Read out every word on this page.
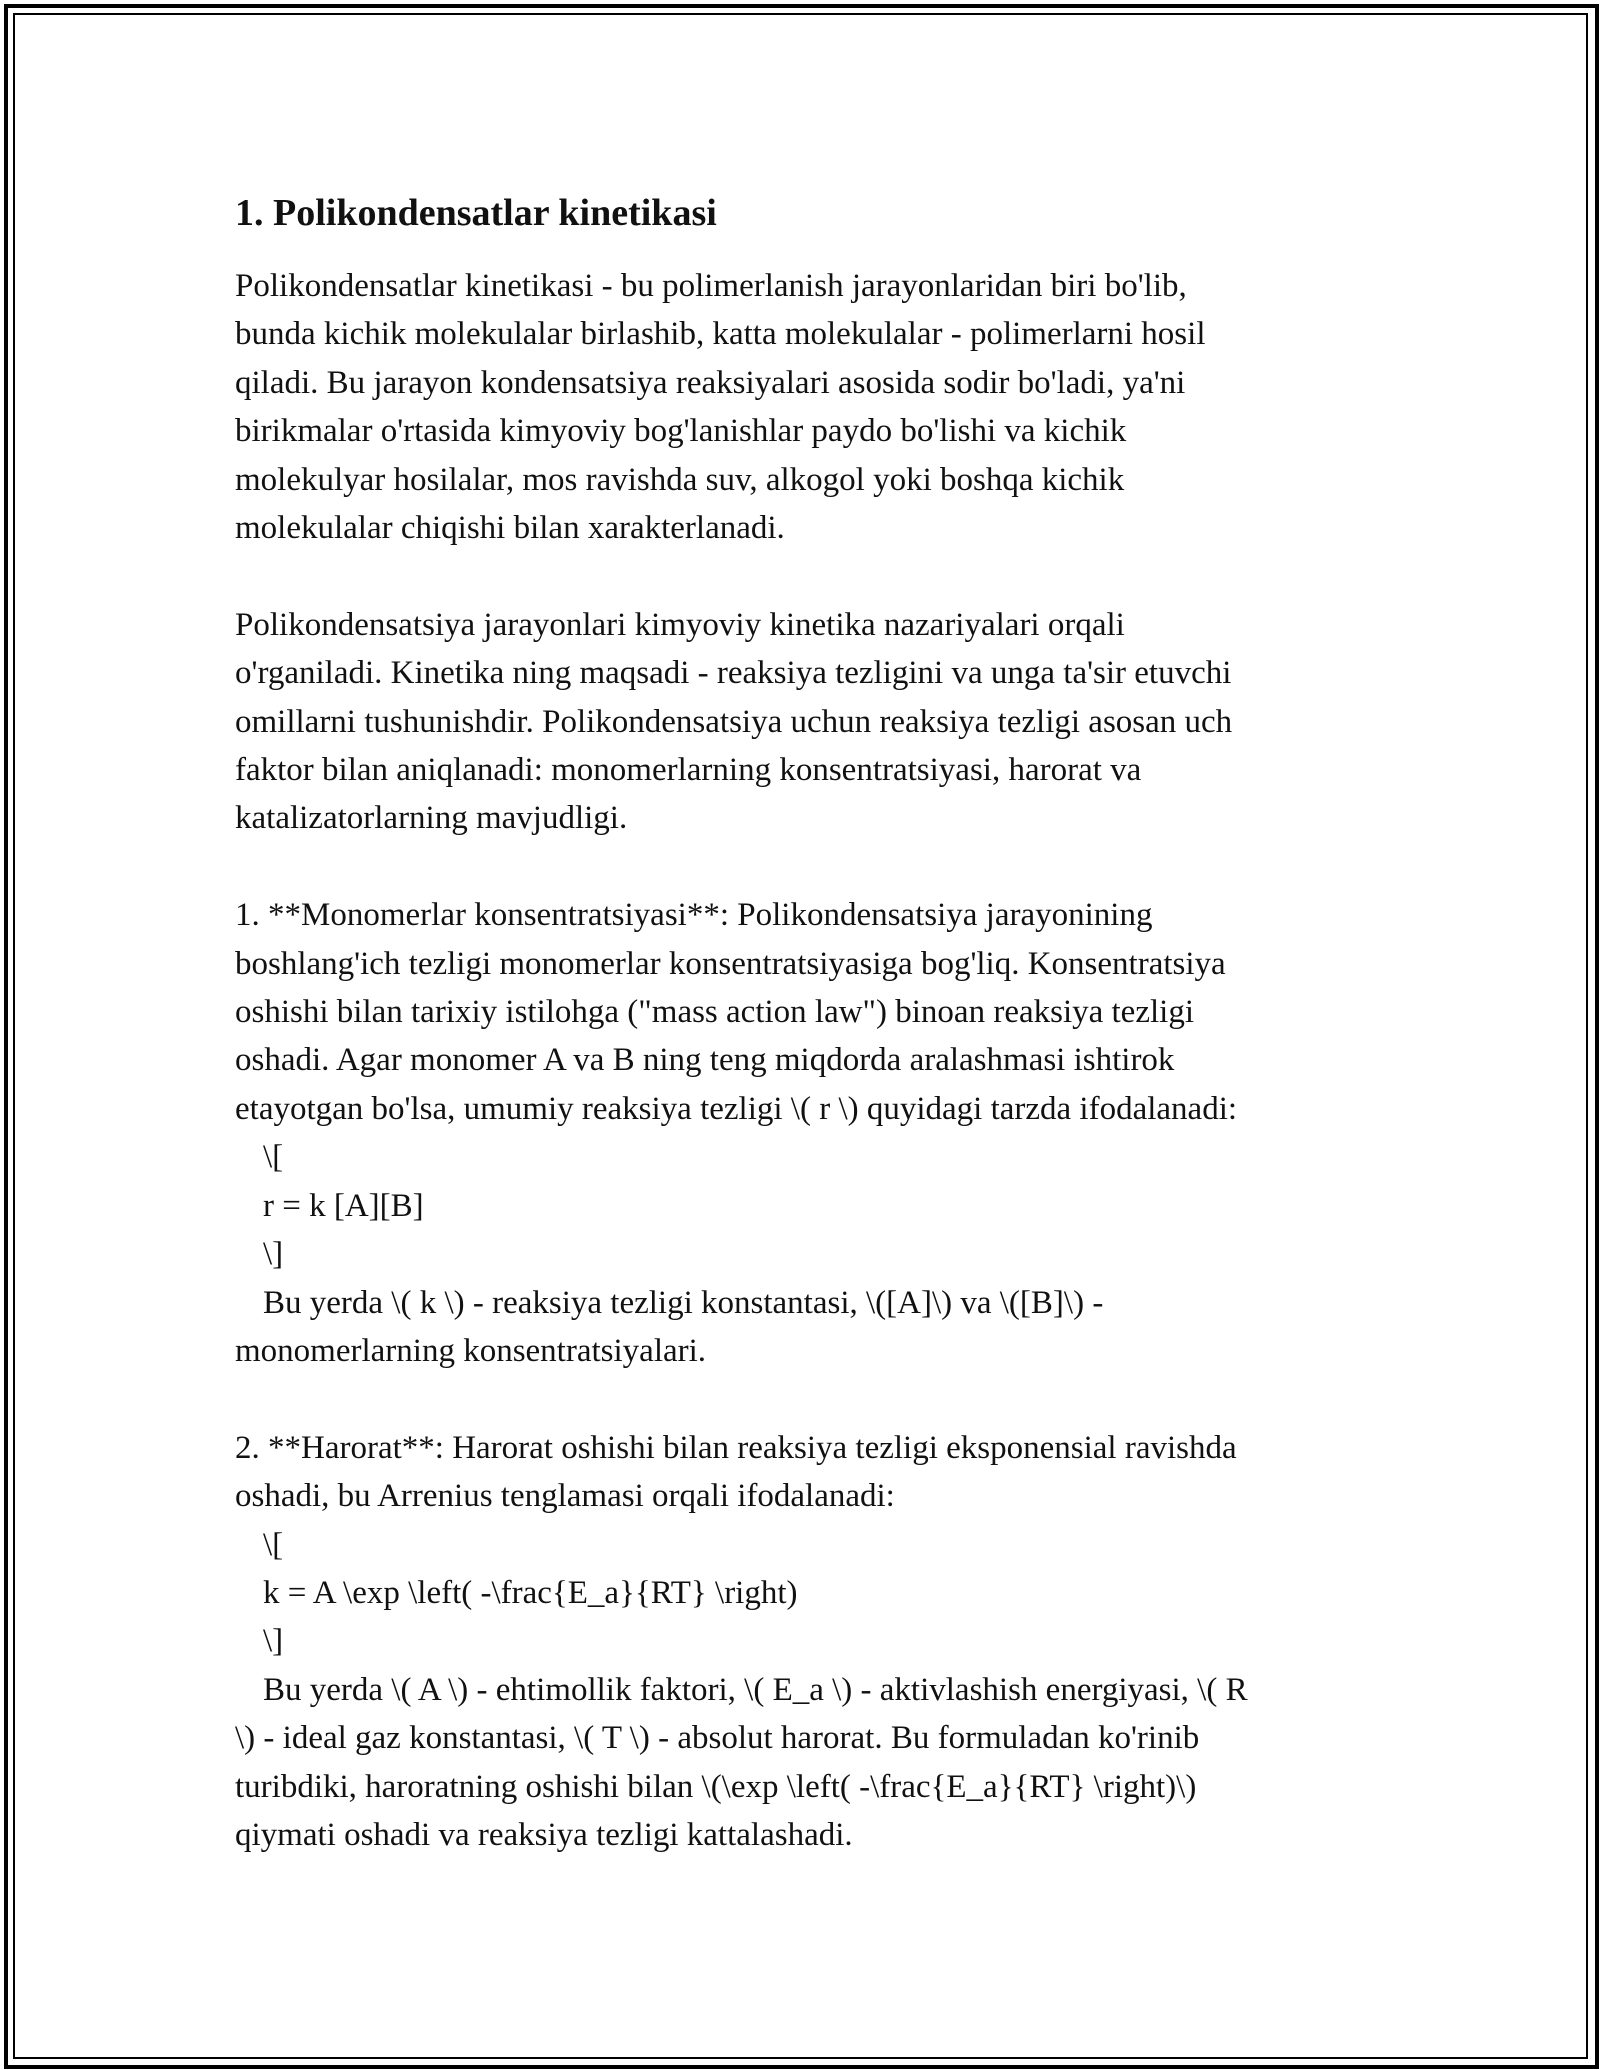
1. Polikondensatlar kinetikasi
Polikondensatlar kinetikasi - bu polimerlanish jarayonlaridan biri bo'lib,
bunda kichik molekulalar birlashib, katta molekulalar - polimerlarni hosil
qiladi. Bu jarayon kondensatsiya reaksiyalari asosida sodir bo'ladi, ya'ni
birikmalar o'rtasida kimyoviy bog'lanishlar paydo bo'lishi va kichik
molekulyar hosilalar, mos ravishda suv, alkogol yoki boshqa kichik
molekulalar chiqishi bilan xarakterlanadi.
Polikondensatsiya jarayonlari kimyoviy kinetika nazariyalari orqali
o'rganiladi. Kinetika ning maqsadi - reaksiya tezligini va unga ta'sir etuvchi
omillarni tushunishdir. Polikondensatsiya uchun reaksiya tezligi asosan uch
faktor bilan aniqlanadi: monomerlarning konsentratsiyasi, harorat va
katalizatorlarning mavjudligi.
1. **Monomerlar konsentratsiyasi**: Polikondensatsiya jarayonining
boshlang'ich tezligi monomerlar konsentratsiyasiga bog'liq. Konsentratsiya
oshishi bilan tarixiy istilohga ("mass action law") binoan reaksiya tezligi
oshadi. Agar monomer A va B ning teng miqdorda aralashmasi ishtirok
etayotgan bo'lsa, umumiy reaksiya tezligi \( r \) quyidagi tarzda ifodalanadi:
\[
r = k [A][B]
\]
Bu yerda \( k \) - reaksiya tezligi konstantasi, \([A]\) va \([B]\) -
monomerlarning konsentratsiyalari.
2. **Harorat**: Harorat oshishi bilan reaksiya tezligi eksponensial ravishda
oshadi, bu Arrenius tenglamasi orqali ifodalanadi:
\[
k = A \exp \left( -\frac{E_a}{RT} \right)
\]
Bu yerda \( A \) - ehtimollik faktori, \( E_a \) - aktivlashish energiyasi, \( R
\) - ideal gaz konstantasi, \( T \) - absolut harorat. Bu formuladan ko'rinib
turibdiki, haroratning oshishi bilan \(\exp \left( -\frac{E_a}{RT} \right)\)
qiymati oshadi va reaksiya tezligi kattalashadi.
